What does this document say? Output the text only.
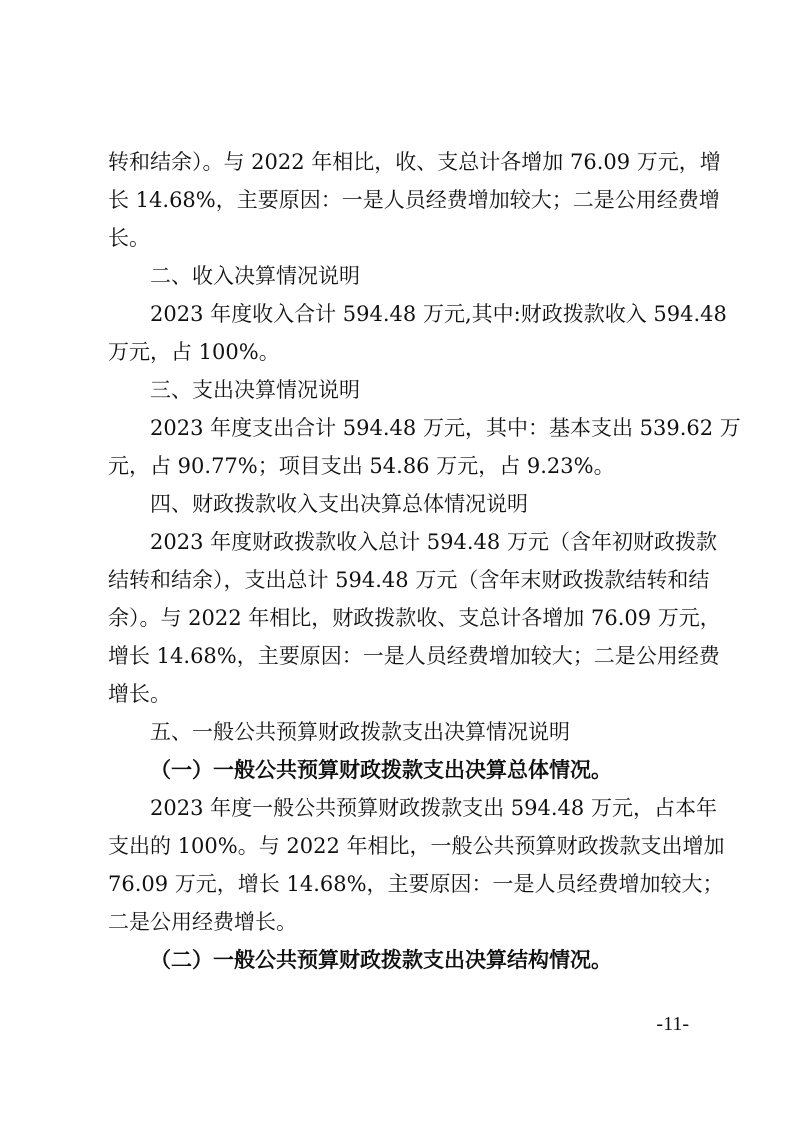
转和结余）。与 2022 年相比，收、支总计各增加 76.09 万元，增
长 14.68%，主要原因：一是人员经费增加较大；二是公用经费增
长。
二、收入决算情况说明
2023 年度收入合计 594.48 万元,其中:财政拨款收入 594.48
万元，占 100%。
三、支出决算情况说明
2023 年度支出合计 594.48 万元，其中：基本支出 539.62 万
元，占 90.77%；项目支出 54.86 万元，占 9.23%。
四、财政拨款收入支出决算总体情况说明
2023 年度财政拨款收入总计 594.48 万元（含年初财政拨款
结转和结余），支出总计 594.48 万元（含年末财政拨款结转和结
余）。与 2022 年相比，财政拨款收、支总计各增加 76.09 万元，
增长 14.68%，主要原因：一是人员经费增加较大；二是公用经费
增长。
五、一般公共预算财政拨款支出决算情况说明
（一）一般公共预算财政拨款支出决算总体情况。
2023 年度一般公共预算财政拨款支出 594.48 万元，占本年
支出的 100%。与 2022 年相比，一般公共预算财政拨款支出增加
76.09 万元，增长 14.68%，主要原因：一是人员经费增加较大；
二是公用经费增长。
（二）一般公共预算财政拨款支出决算结构情况。
-11-
